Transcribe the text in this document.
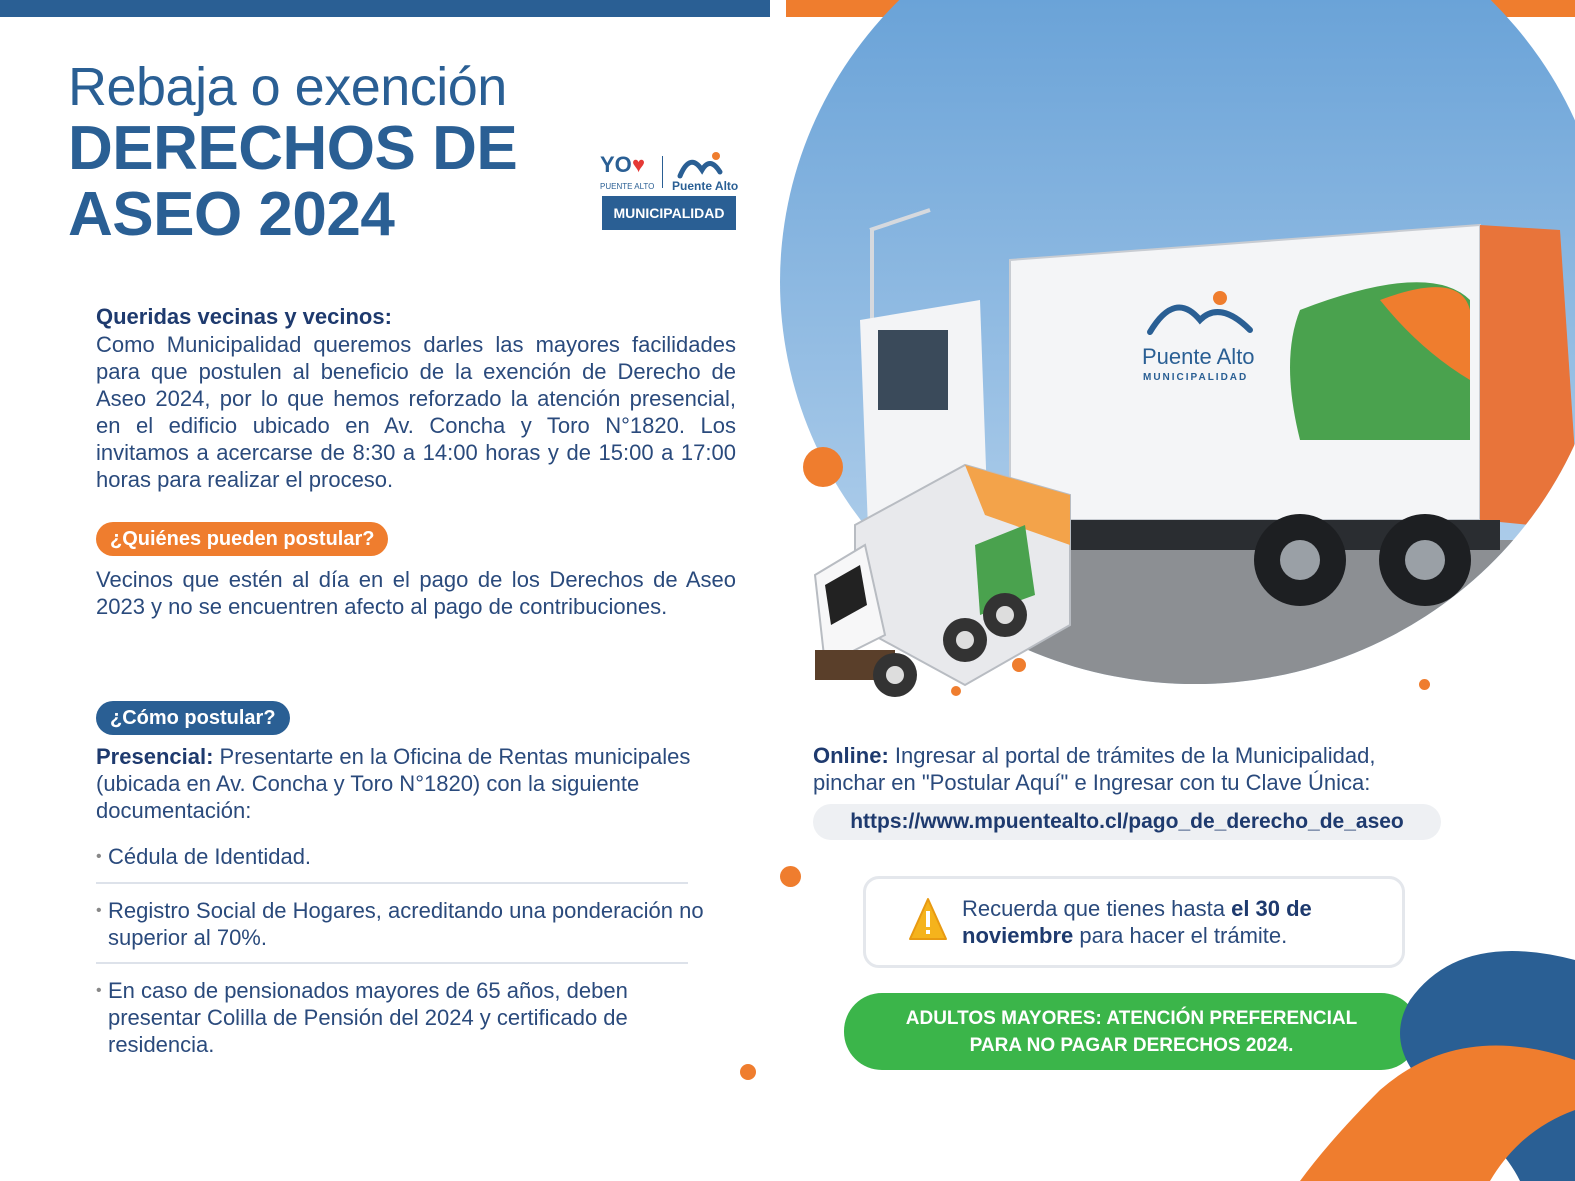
Rebaja o exención
DERECHOS DE
ASEO 2024
YO ♥
PUENTE ALTO Puente Alto
MUNICIPALIDAD
Queridas vecinas y vecinos:
Como Municipalidad queremos darles las mayores facilidades para que postulen al beneficio de la exención de Derecho de Aseo 2024, por lo que hemos reforzado la atención presencial, en el edificio ubicado en Av. Concha y Toro N°1820. Los invitamos a acercarse de 8:30 a 14:00 horas y de 15:00 a 17:00 horas para realizar el proceso.
¿Quiénes pueden postular?
Vecinos que estén al día en el pago de los Derechos de Aseo 2023 y no se encuentren afecto al pago de contribuciones.
¿Cómo postular?
Presencial: Presentarte en la Oficina de Rentas municipales (ubicada en Av. Concha y Toro N°1820) con la siguiente documentación:
• Cédula de Identidad.
• Registro Social de Hogares, acreditando una ponderación no superior al 70%.
• En caso de pensionados mayores de 65 años, deben presentar Colilla de Pensión del 2024 y certificado de residencia.
Puente Alto
MUNICIPALIDAD
Online: Ingresar al portal de trámites de la Municipalidad, pinchar en "Postular Aquí" e Ingresar con tu Clave Única:
https://www.mpuentealto.cl/pago_de_derecho_de_aseo
Recuerda que tienes hasta el 30 de noviembre para hacer el trámite.
ADULTOS MAYORES: ATENCIÓN PREFERENCIAL
PARA NO PAGAR DERECHOS 2024.
